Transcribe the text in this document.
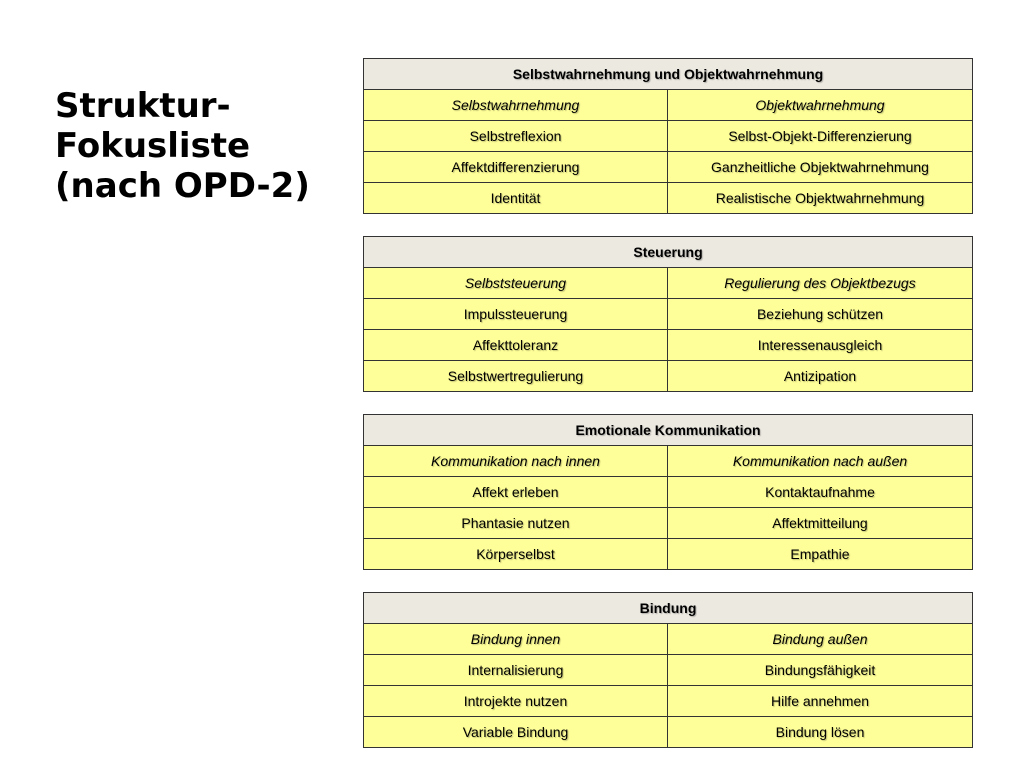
Struktur-
Fokusliste
(nach OPD-2)
Selbstwahrnehmung und Objektwahrnehmung	
Selbstwahrnehmung	Objektwahrnehmung
Selbstreflexion	Selbst-Objekt-Differenzierung
Affektdifferenzierung	Ganzheitliche Objektwahrnehmung
Identität	Realistische Objektwahrnehmung
Steuerung	
Selbststeuerung	Regulierung des Objektbezugs
Impulssteuerung	Beziehung schützen
Affekttoleranz	Interessenausgleich
Selbstwertregulierung	Antizipation
Emotionale Kommunikation	
Kommunikation nach innen	Kommunikation nach außen
Affekt erleben	Kontaktaufnahme
Phantasie nutzen	Affektmitteilung
Körperselbst	Empathie
Bindung	
Bindung innen	Bindung außen
Internalisierung	Bindungsfähigkeit
Introjekte nutzen	Hilfe annehmen
Variable Bindung	Bindung lösen
